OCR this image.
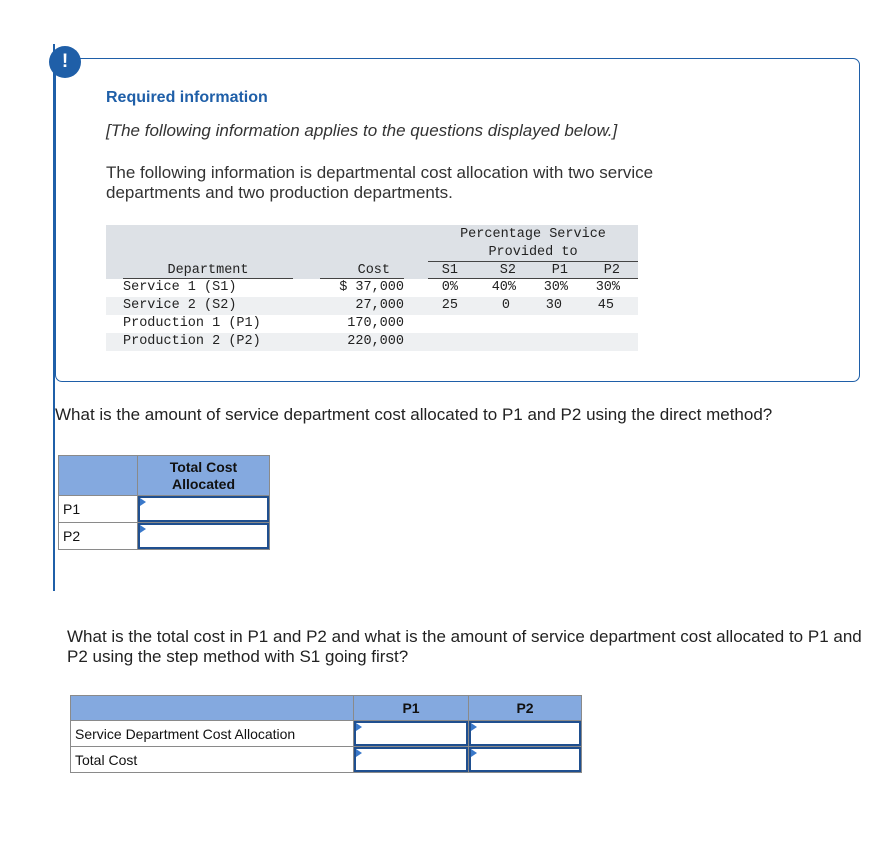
!
Required information
[The following information applies to the questions displayed below.]
The following information is departmental cost allocation with two service departments and two production departments.
Percentage Service
Provided to
Department	Cost	S1	S2	P1	P2
Service 1 (S1)	$ 37,000	0%	40%	30%	30%
Service 2 (S2)	27,000	25	0	30	45
Production 1 (P1)	170,000
Production 2 (P2)	220,000
What is the amount of service department cost allocated to P1 and P2 using the direct method?
	Total Cost Allocated
P1	

P2	
What is the total cost in P1 and P2 and what is the amount of service department cost allocated to P1 and P2 using the step method with S1 going first?
	P1	P2
Service Department Cost Allocation	

Total Cost	
